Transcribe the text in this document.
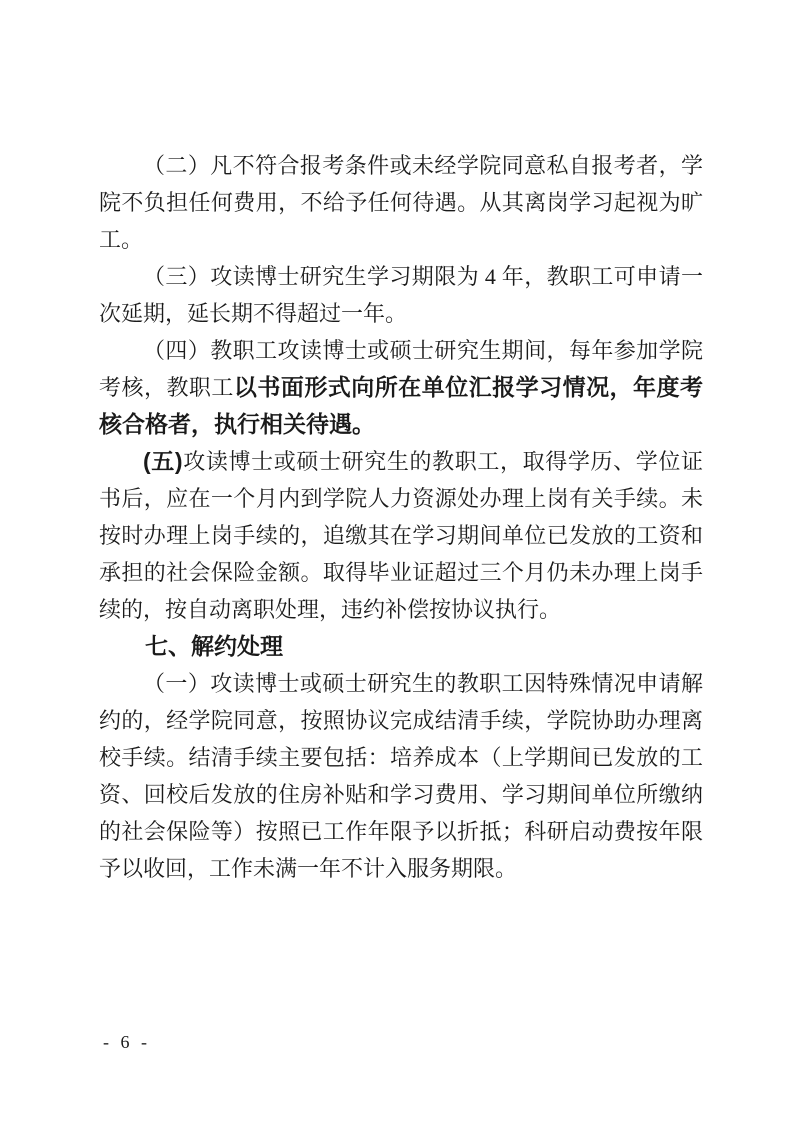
（二）凡不符合报考条件或未经学院同意私自报考者，学院不负担任何费用，不给予任何待遇。从其离岗学习起视为旷工。

（三）攻读博士研究生学习期限为 4 年，教职工可申请一次延期，延长期不得超过一年。

（四）教职工攻读博士或硕士研究生期间，每年参加学院考核，教职工以书面形式向所在单位汇报学习情况，年度考核合格者，执行相关待遇。

(五)攻读博士或硕士研究生的教职工，取得学历、学位证书后，应在一个月内到学院人力资源处办理上岗有关手续。未按时办理上岗手续的，追缴其在学习期间单位已发放的工资和承担的社会保险金额。取得毕业证超过三个月仍未办理上岗手续的，按自动离职处理，违约补偿按协议执行。

七、解约处理

（一）攻读博士或硕士研究生的教职工因特殊情况申请解约的，经学院同意，按照协议完成结清手续，学院协助办理离校手续。结清手续主要包括：培养成本（上学期间已发放的工资、回校后发放的住房补贴和学习费用、学习期间单位所缴纳的社会保险等）按照已工作年限予以折抵；科研启动费按年限予以收回，工作未满一年不计入服务期限。

- 6 -
